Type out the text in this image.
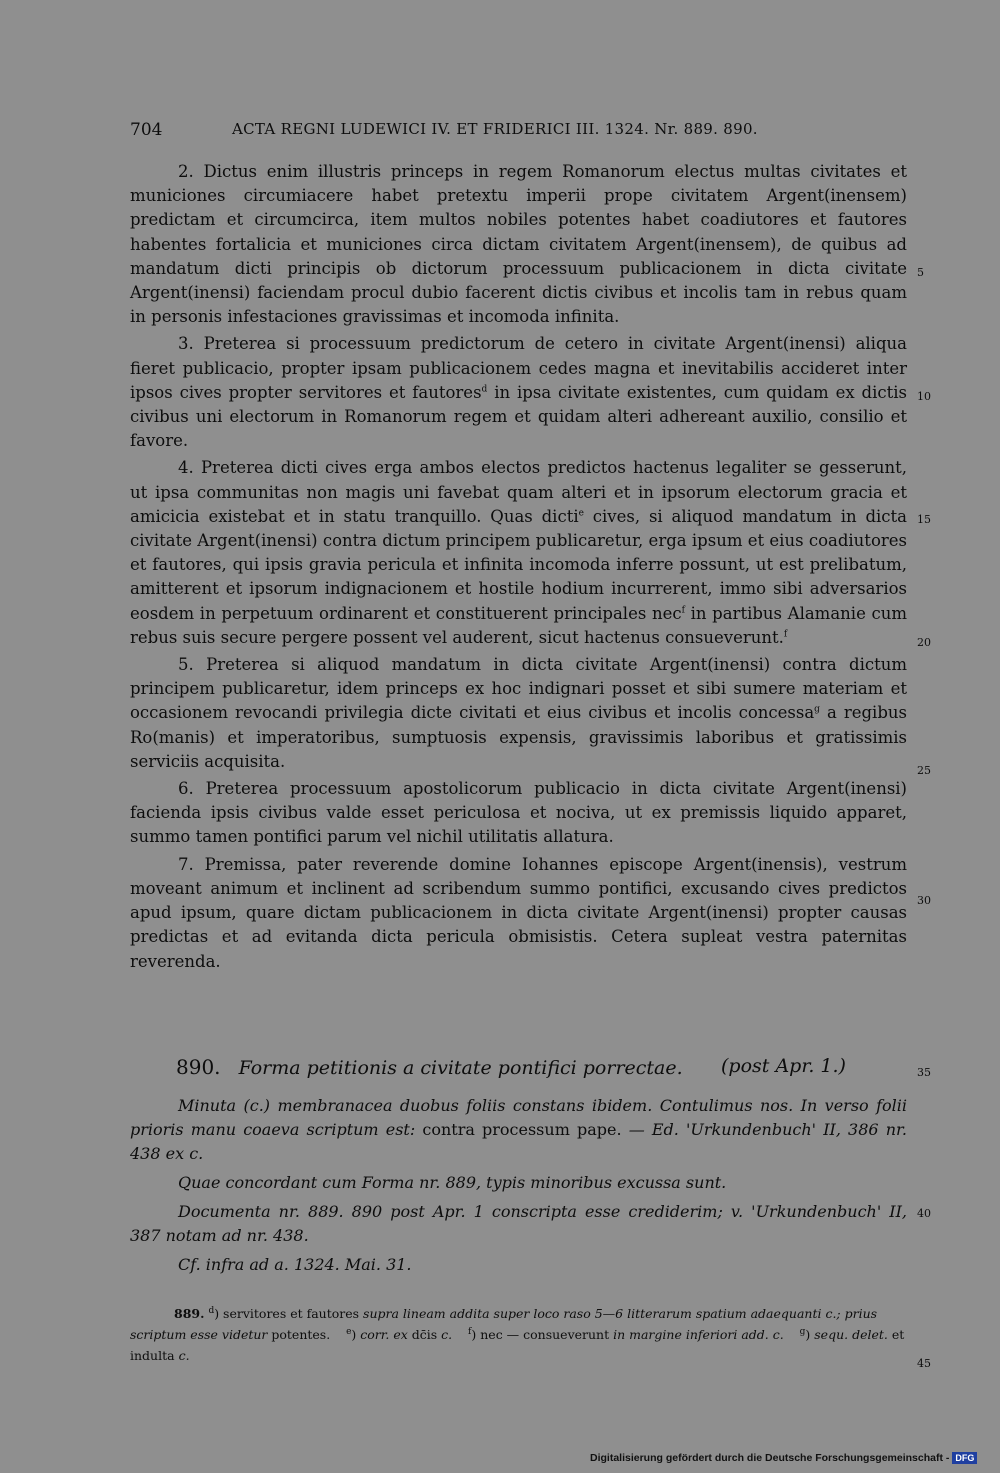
704	ACTA REGNI LUDEWICI IV. ET FRIDERICI III. 1324. Nr. 889. 890.

2. Dictus enim illustris princeps in regem Romanorum electus multas civitates et municiones circumiacere habet pretextu imperii prope civitatem Argent(inensem) predictam et circumcirca, item multos nobiles potentes habet coadiutores et fautores habentes fortalicia et municiones circa dictam civitatem Argent(inensem), de quibus ad mandatum dicti principis ob dictorum processuum publicacionem in dicta civitate Argent(inensi) faciendam procul dubio facerent dictis civibus et incolis tam in rebus quam in personis infestaciones gravissimas et incomoda infinita.

3. Preterea si processuum predictorum de cetero in civitate Argent(inensi) aliqua fieret publicacio, propter ipsam publicacionem cedes magna et inevitabilis accideret inter ipsos cives propter servitores et fautores$^d$ in ipsa civitate existentes, cum quidam ex dictis civibus uni electorum in Romanorum regem et quidam alteri adhereant auxilio, consilio et favore.

4. Preterea dicti cives erga ambos electos predictos hactenus legaliter se gesserunt, ut ipsa communitas non magis uni favebat quam alteri et in ipsorum electorum gracia et amicicia existebat et in statu tranquillo. Quas dicti$^e$ cives, si aliquod mandatum in dicta civitate Argent(inensi) contra dictum principem publicaretur, erga ipsum et eius coadiutores et fautores, qui ipsis gravia pericula et infinita incomoda inferre possunt, ut est prelibatum, amitterent et ipsorum indignacionem et hostile hodium incurrerent, immo sibi adversarios eosdem in perpetuum ordinarent et constituerent principales nec$^f$ in partibus Alamanie cum rebus suis secure pergere possent vel auderent, sicut hactenus consueverunt.$^f$

5. Preterea si aliquod mandatum in dicta civitate Argent(inensi) contra dictum principem publicaretur, idem princeps ex hoc indignari posset et sibi sumere materiam et occasionem revocandi privilegia dicte civitati et eius civibus et incolis concessa$^g$ a regibus Ro(manis) et imperatoribus, sumptuosis expensis, gravissimis laboribus et gratissimis serviciis acquisita.

6. Preterea processuum apostolicorum publicacio in dicta civitate Argent(inensi) facienda ipsis civibus valde esset periculosa et nociva, ut ex premissis liquido apparet, summo tamen pontifici parum vel nichil utilitatis allatura.

7. Premissa, pater reverende domine Iohannes episcope Argent(inensis), vestrum moveant animum et inclinent ad scribendum summo pontifici, excusando cives predictos apud ipsum, quare dictam publicacionem in dicta civitate Argent(inensi) propter causas predictas et ad evitanda dicta pericula obmisistis. Cetera supleat vestra paternitas reverenda.

5
10
15
20
25
30
35
40
45
890. Forma petitionis a civitate pontifici porrectae. (post Apr. 1.)

Minuta (c.) membranacea duobus foliis constans ibidem. Contulimus nos. In verso folii prioris manu coaeva scriptum est: contra processum pape. — Ed. 'Urkundenbuch' II, 386 nr. 438 ex c.

Quae concordant cum Forma nr. 889, typis minoribus excussa sunt.

Documenta nr. 889. 890 post Apr. 1 conscripta esse crediderim; v. 'Urkundenbuch' II, 387 notam ad nr. 438.

Cf. infra ad a. 1324. Mai. 31.

889. $^d$) servitores et fautores supra lineam addita super loco raso 5—6 litterarum spatium adaequanti c.; prius scriptum esse videtur potentes. $^e$) corr. ex dc̄is c. $^f$) nec — consueverunt in margine inferiori add. c. $^g$) sequ. delet. et indulta c.
Digitalisierung gefördert durch die Deutsche Forschungsgemeinschaft - DFG
